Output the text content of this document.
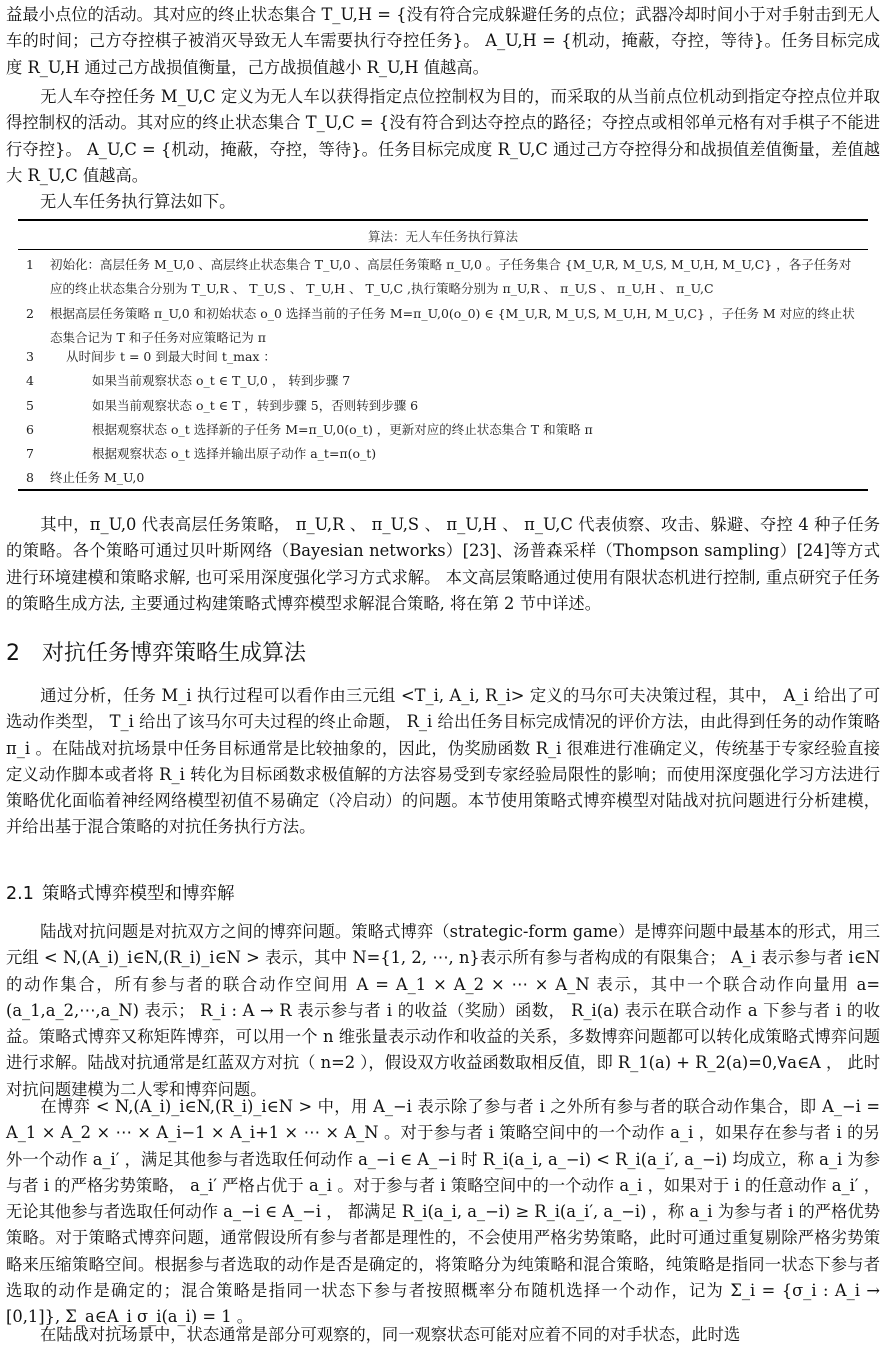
益最小点位的活动。其对应的终止状态集合 T_U,H = {没有符合完成躲避任务的点位；武器冷却时间小于对手射击到无人车的时间；己方夺控棋子被消灭导致无人车需要执行夺控任务}。 A_U,H = {机动，掩蔽，夺控，等待}。任务目标完成度 R_U,H 通过己方战损值衡量，己方战损值越小 R_U,H 值越高。

无人车夺控任务 M_U,C 定义为无人车以获得指定点位控制权为目的，而采取的从当前点位机动到指定夺控点位并取得控制权的活动。其对应的终止状态集合 T_U,C = {没有符合到达夺控点的路径；夺控点或相邻单元格有对手棋子不能进行夺控}。 A_U,C = {机动，掩蔽，夺控，等待}。任务目标完成度 R_U,C 通过己方夺控得分和战损值差值衡量，差值越大 R_U,C 值越高。

无人车任务执行算法如下。

算法：无人车任务执行算法
1 初始化：高层任务 M_U,0 、高层终止状态集合 T_U,0 、高层任务策略 π_U,0 。子任务集合 {M_U,R, M_U,S, M_U,H, M_U,C} ，各子任务对应的终止状态集合分别为 T_U,R 、 T_U,S 、 T_U,H 、 T_U,C ,执行策略分别为 π_U,R 、 π_U,S 、 π_U,H 、 π_U,C
2 根据高层任务策略 π_U,0 和初始状态 o_0 选择当前的子任务 M=π_U,0(o_0) ∈ {M_U,R, M_U,S, M_U,H, M_U,C} ，子任务 M 对应的终止状态集合记为 T 和子任务对应策略记为 π
3	从时间步 t = 0 到最大时间 t_max ：
4	如果当前观察状态 o_t ∈ T_U,0 ， 转到步骤 7
5	如果当前观察状态 o_t ∈ T ，转到步骤 5，否则转到步骤 6
6	根据观察状态 o_t 选择新的子任务 M=π_U,0(o_t) ，更新对应的终止状态集合 T 和策略 π
7	根据观察状态 o_t 选择并输出原子动作 a_t=π(o_t)
8 终止任务 M_U,0

其中，π_U,0 代表高层任务策略， π_U,R 、 π_U,S 、 π_U,H 、 π_U,C 代表侦察、攻击、躲避、夺控 4 种子任务的策略。各个策略可通过贝叶斯网络（Bayesian networks）[23]、汤普森采样（Thompson sampling）[24]等方式进行环境建模和策略求解, 也可采用深度强化学习方式求解。 本文高层策略通过使用有限状态机进行控制, 重点研究子任务的策略生成方法, 主要通过构建策略式博弈模型求解混合策略, 将在第 2 节中详述。

2 对抗任务博弈策略生成算法

通过分析，任务 M_i 执行过程可以看作由三元组 <T_i, A_i, R_i> 定义的马尔可夫决策过程，其中， A_i 给出了可选动作类型， T_i 给出了该马尔可夫过程的终止命题， R_i 给出任务目标完成情况的评价方法，由此得到任务的动作策略 π_i 。在陆战对抗场景中任务目标通常是比较抽象的，因此，伪奖励函数 R_i 很难进行准确定义，传统基于专家经验直接定义动作脚本或者将 R_i 转化为目标函数求极值解的方法容易受到专家经验局限性的影响；而使用深度强化学习方法进行策略优化面临着神经网络模型初值不易确定（冷启动）的问题。本节使用策略式博弈模型对陆战对抗问题进行分析建模，并给出基于混合策略的对抗任务执行方法。

2.1 策略式博弈模型和博弈解

陆战对抗问题是对抗双方之间的博弈问题。策略式博弈（strategic-form game）是博弈问题中最基本的形式，用三元组 < N,(A_i)_i∈N,(R_i)_i∈N > 表示，其中 N={1, 2, ⋯, n}表示所有参与者构成的有限集合； A_i 表示参与者 i∈N 的动作集合，所有参与者的联合动作空间用 A = A_1 × A_2 × ⋯ × A_N 表示，其中一个联合动作向量用 a=(a_1,a_2,⋯,a_N) 表示； R_i : A → R 表示参与者 i 的收益（奖励）函数， R_i(a) 表示在联合动作 a 下参与者 i 的收益。策略式博弈又称矩阵博弈，可以用一个 n 维张量表示动作和收益的关系，多数博弈问题都可以转化成策略式博弈问题进行求解。陆战对抗通常是红蓝双方对抗（ n=2 ），假设双方收益函数取相反值，即 R_1(a) + R_2(a)=0,∀a∈A ， 此时对抗问题建模为二人零和博弈问题。

在博弈 < N,(A_i)_i∈N,(R_i)_i∈N > 中，用 A_−i 表示除了参与者 i 之外所有参与者的联合动作集合，即 A_−i = A_1 × A_2 × ⋯ × A_i−1 × A_i+1 × ⋯ × A_N 。对于参与者 i 策略空间中的一个动作 a_i ，如果存在参与者 i 的另外一个动作 a_i′ ，满足其他参与者选取任何动作 a_−i ∈ A_−i 时 R_i(a_i, a_−i) < R_i(a_i′, a_−i) 均成立，称 a_i 为参与者 i 的严格劣势策略， a_i′ 严格占优于 a_i 。对于参与者 i 策略空间中的一个动作 a_i ，如果对于 i 的任意动作 a_i′ ，无论其他参与者选取任何动作 a_−i ∈ A_−i ， 都满足 R_i(a_i, a_−i) ≥ R_i(a_i′, a_−i) ，称 a_i 为参与者 i 的严格优势策略。对于策略式博弈问题，通常假设所有参与者都是理性的，不会使用严格劣势策略，此时可通过重复剔除严格劣势策略来压缩策略空间。根据参与者选取的动作是否是确定的，将策略分为纯策略和混合策略，纯策略是指同一状态下参与者选取的动作是确定的；混合策略是指同一状态下参与者按照概率分布随机选择一个动作，记为 Σ_i = {σ_i : A_i → [0,1]}, Σ_a∈A_i σ_i(a_i) = 1 。

在陆战对抗场景中，状态通常是部分可观察的，同一观察状态可能对应着不同的对手状态，此时选
